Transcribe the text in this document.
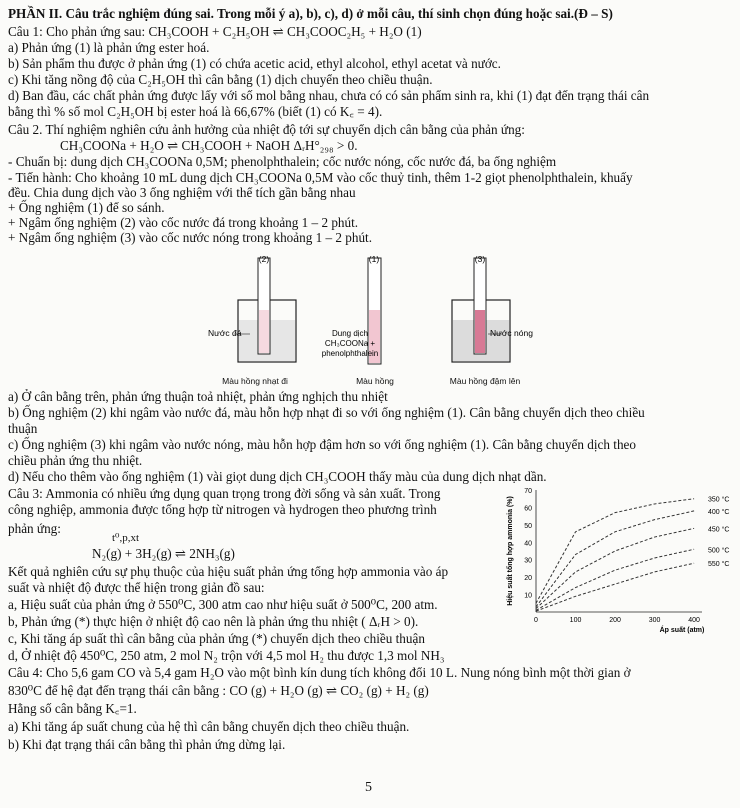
PHẦN II. Câu trắc nghiệm đúng sai. Trong mỗi ý a), b), c), d) ở mỗi câu, thí sinh chọn đúng hoặc sai.(Đ – S)
Câu 1: Cho phản ứng sau: CH₃COOH + C₂H₅OH ⇌ CH₃COOC₂H₅ + H₂O (1)
a) Phản ứng (1) là phản ứng ester hoá.
b) Sản phẩm thu được ở phản ứng (1) có chứa acetic acid, ethyl alcohol, ethyl acetat và nước.
c) Khi tăng nồng độ của C₂H₅OH thì cân bằng (1) dịch chuyển theo chiều thuận.
d) Ban đầu, các chất phản ứng được lấy với số mol bằng nhau, chưa có có sản phẩm sinh ra, khi (1) đạt đến trạng thái cân
bằng thì % số mol C₂H₅OH bị ester hoá là 66,67% (biết (1) có K꜀ = 4).
Câu 2. Thí nghiệm nghiên cứu ảnh hưởng của nhiệt độ tới sự chuyển dịch cân bằng của phản ứng:
CH₃COONa + H₂O ⇌ CH₃COOH + NaOH ΔᵣH°₂₉₈ > 0.
- Chuẩn bị: dung dịch CH₃COONa 0,5M; phenolphthalein; cốc nước nóng, cốc nước đá, ba ống nghiệm
- Tiến hành: Cho khoảng 10 mL dung dịch CH₃COONa 0,5M vào cốc thuỷ tinh, thêm 1-2 giọt phenolphthalein, khuấy
đều. Chia dung dịch vào 3 ống nghiệm với thể tích gần bằng nhau
+ Ống nghiệm (1) để so sánh.
+ Ngâm ống nghiệm (2) vào cốc nước đá trong khoảng 1 – 2 phút.
+ Ngâm ống nghiệm (3) vào cốc nước nóng trong khoảng 1 – 2 phút.
(2)
Nước đá
(1)
Dung dịch
CH₃COONa +
phenolphthalein
(3)
Nước nóng
Màu hồng nhạt đi	Màu hồng	Màu hồng đậm lên
a) Ở cân bằng trên, phản ứng thuận toả nhiệt, phản ứng nghịch thu nhiệt
b) Ống nghiệm (2) khi ngâm vào nước đá, màu hỗn hợp nhạt đi so với ống nghiệm (1). Cân bằng chuyển dịch theo chiều
thuận
c) Ống nghiệm (3) khi ngâm vào nước nóng, màu hỗn hợp đậm hơn so với ống nghiệm (1). Cân bằng chuyển dịch theo
chiều phản ứng thu nhiệt.
d) Nếu cho thêm vào ống nghiệm (1) vài giọt dung dịch CH₃COOH thấy màu của dung dịch nhạt dần.
Câu 3: Ammonia có nhiều ứng dụng quan trọng trong đời sống và sản xuất. Trong
công nghiệp, ammonia được tổng hợp từ nitrogen và hydrogen theo phương trình
phản ứng:
t⁰,p,xt
N₂(g) + 3H₂(g) ⇌ 2NH₃(g)
Kết quả nghiên cứu sự phụ thuộc của hiệu suất phản ứng tổng hợp ammonia vào áp
suất và nhiệt độ được thể hiện trong giản đồ sau:
a, Hiệu suất của phản ứng ở 550⁰C, 300 atm cao như hiệu suất ở 500⁰C, 200 atm.
b, Phản ứng (*) thực hiện ở nhiệt độ cao nên là phản ứng thu nhiệt ( ΔᵣH > 0).
c, Khi tăng áp suất thì cân bằng của phản ứng (*) chuyển dịch theo chiều thuận
d, Ở nhiệt độ 450⁰C, 250 atm, 2 mol N₂ trộn với 4,5 mol H₂ thu được 1,3 mol NH₃
10
20
30
40
50
60
70
0	100	200	300	400
Áp suất (atm)
Hiệu suất tổng hợp ammonia (%)	350 °C
400 °C
450 °C
500 °C
550 °C
Câu 4: Cho 5,6 gam CO và 5,4 gam H₂O vào một bình kín dung tích không đổi 10 L. Nung nóng bình một thời gian ở
830⁰C để hệ đạt đến trạng thái cân bằng : CO (g) + H₂O (g) ⇌ CO₂ (g) + H₂ (g)
Hằng số cân bằng K꜀=1.
a) Khi tăng áp suất chung của hệ thì cân bằng chuyển dịch theo chiều thuận.
b) Khi đạt trạng thái cân bằng thì phản ứng dừng lại.
5
